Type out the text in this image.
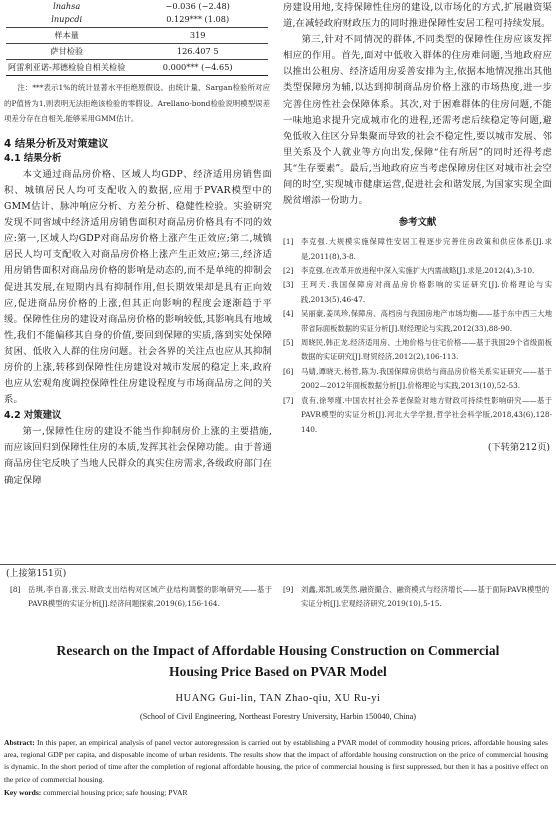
lnahsa	−0.036 (−2.48)
lnupcdi	0.129*** (1.08)
样本量	319
萨甘检验	126.407 5
阿雷利亚诺-邦德检验自相关检验	0.000*** (−4.65)

注：***表示1%的统计显著水平拒绝原假设。由统计量、Sargan检验所对应的P值皆为1,则表明无法拒绝该检验的零假设。Arellano-bond检验说明模型误差项差分存在自相关,能够采用GMM估计。

4 结果分析及对策建议
4.1 结果分析

本文通过商品房价格、区域人均GDP、经济适用房销售面积、城镇居民人均可支配收入的数据,应用于PVAR模型中的GMM估计、脉冲响应分析、方差分析、稳健性检验。实验研究发现不同省域中经济适用房销售面积对商品房价格具有不同的效应:第一,区域人均GDP对商品房价格上涨产生正效应;第二,城镇居民人均可支配收入对商品房价格上涨产生正效应;第三,经济适用房销售面积对商品房价格的影响是动态的,而不是单纯的抑制会促进其发展,在短期内具有抑制作用,但长期效果却是具有正向效应,促进商品房价格的上涨,但其正向影响的程度会逐渐趋于平缓。保障性住房的建设对商品房价格的影响较低,其影响具有地域性,我们不能偏移其自身的价值,要回到保障的实质,落到实处保障贫困、低收入人群的住房问题。社会各界的关注点也应从其抑制房价的上涨,转移到保障性住房建设对城市发展的稳定上来,政府也应从宏观角度调控保障性住房建设程度与市场商品房之间的关系。

4.2 对策建议

第一,保障性住房的建设不能当作抑制房价上涨的主要措施,而应该回归到保障性住房的本质,发挥其社会保障功能。由于普通商品房住宅反映了当地人民群众的真实住房需求,各级政府部门在确定保障

房建设用地,支持保障性住房的建设,以市场化的方式,扩展融资渠道,在减轻政府财政压力的同时推进保障性安居工程可持续发展。

第三,针对不同情况的群体,不同类型的保障性住房应该发挥相应的作用。首先,面对中低收入群体的住房难问题,当地政府应以推出公租房、经济适用房妥善安排为主,依据本地情况推出其他类型保障房为辅,以达到抑制商品房价格上涨的市场热度,进一步完善住房性社会保障体系。其次,对于困难群体的住房问题,不能一味地追求提升完成城市化的进程,还需考虑后续稳定等问题,避免低收入住区分异集聚而导致的社会不稳定性,要以城市发展、邻里关系及个人就业等方向出发,保障“住有所居”的同时还得考虑其“生存要素”。最后,当地政府应当考虑保障房住区对城市社会空间的时空,实现城市健康运营,促进社会和谐发展,为国家实现全面脱贫增添一份助力。

参考文献
[1]	李克强.大规模实施保障性安居工程逐步完善住房政策和供应体系[J].求是,2011(8),3-8.
[2]	李克强.在改革开放进程中深入实施扩大内需战略[J].求是,2012(4),3-10.
[3]	王珂天.我国保障房对商品房价格影响的实证研究[J].价格理论与实践,2013(5),46-47.
[4]	吴丽豪,姜凤珍,保障房、高档房与我国房地产市场均衡——基于东中西三大地带省际面板数据的实证分析[J].财经理论与实践,2012(33),88-90.
[5]	周晓民,韩正龙.经济适用房、土地价格与住宅价格——基于我国29个省级面板数据的实证研究[J].财贸经济,2012(2),106-113.
[6]	马婧,谭晓天,杨哲,陈为.我国保障房供给与商品房价格关系实证研究——基于2002—2012年面板数据分析[J].价格理论与实践,2013(10),52-53.
[7]	袁有,徐琴瑾.中国农村社会养老保险对地方财政可持续性影响研究——基于PAVR模型的实证分析[J].河北大学学报,哲学社会科学版,2018,43(6),128-140.
(下转第212页)
(上接第151页)
[8]	岳琪,李自喜,张云.财政支出结构对区域产业结构调整的影响研究——基于PAVR模型的实证分析[J].经济问题探索,2019(6),156-164.
[9]	刘鑫,郑凯,戚笑然.融资撮合、融资模式与经济增长——基于面际PAVR模型的实证分析[J].宏观经济研究,2019(10),5-15.
Research on the Impact of Affordable Housing Construction on Commercial
Housing Price Based on PVAR Model
HUANG Gui-lin, TAN Zhao-qiu, XU Ru-yi
(School of Civil Engineering, Northeast Forestry University, Harbin 150040, China)

Abstract: In this paper, an empirical analysis of panel vector autoregression is carried out by establishing a PVAR model of commodity housing prices, affordable housing sales area, regional GDP per capita, and disposable income of urban residents. The results show that the impact of affordable housing construction on the price of commercial housing is dynamic. In the short period of time after the completion of regional affordable housing, the price of commercial housing is first suppressed, but then it has a positive effect on the price of commercial housing.

Key words: commercial housing price; safe housing; PVAR
